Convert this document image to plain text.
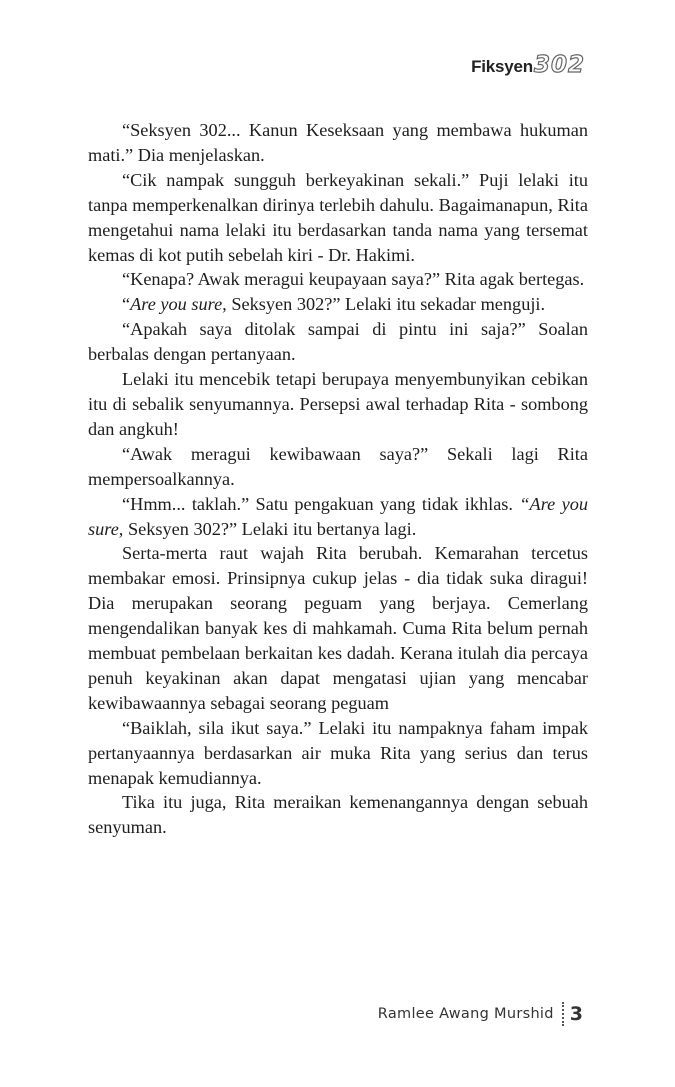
Fiksyen 302

“Seksyen 302... Kanun Keseksaan yang membawa hukuman mati.” Dia menjelaskan.

“Cik nampak sungguh berkeyakinan sekali.” Puji lelaki itu tanpa memperkenalkan dirinya terlebih dahulu. Bagaimanapun, Rita mengetahui nama lelaki itu berdasarkan tanda nama yang tersemat kemas di kot putih sebelah kiri - Dr. Hakimi.

“Kenapa? Awak meragui keupayaan saya?” Rita agak bertegas.

“Are you sure, Seksyen 302?” Lelaki itu sekadar menguji.

“Apakah saya ditolak sampai di pintu ini saja?” Soalan berbalas dengan pertanyaan.

Lelaki itu mencebik tetapi berupaya menyembunyikan cebikan itu di sebalik senyumannya. Persepsi awal terhadap Rita - sombong dan angkuh!

“Awak meragui kewibawaan saya?” Sekali lagi Rita mempersoalkannya.

“Hmm... taklah.” Satu pengakuan yang tidak ikhlas. “Are you sure, Seksyen 302?” Lelaki itu bertanya lagi.

Serta-merta raut wajah Rita berubah. Kemarahan tercetus membakar emosi. Prinsipnya cukup jelas - dia tidak suka diragui! Dia merupakan seorang peguam yang berjaya. Cemerlang mengendalikan banyak kes di mahkamah. Cuma Rita belum pernah membuat pembelaan berkaitan kes dadah. Kerana itulah dia percaya penuh keyakinan akan dapat mengatasi ujian yang mencabar kewibawaannya sebagai seorang peguam

“Baiklah, sila ikut saya.” Lelaki itu nampaknya faham impak pertanyaannya berdasarkan air muka Rita yang serius dan terus menapak kemudiannya.

Tika itu juga, Rita meraikan kemenangannya dengan sebuah senyuman.

Ramlee Awang Murshid 3
